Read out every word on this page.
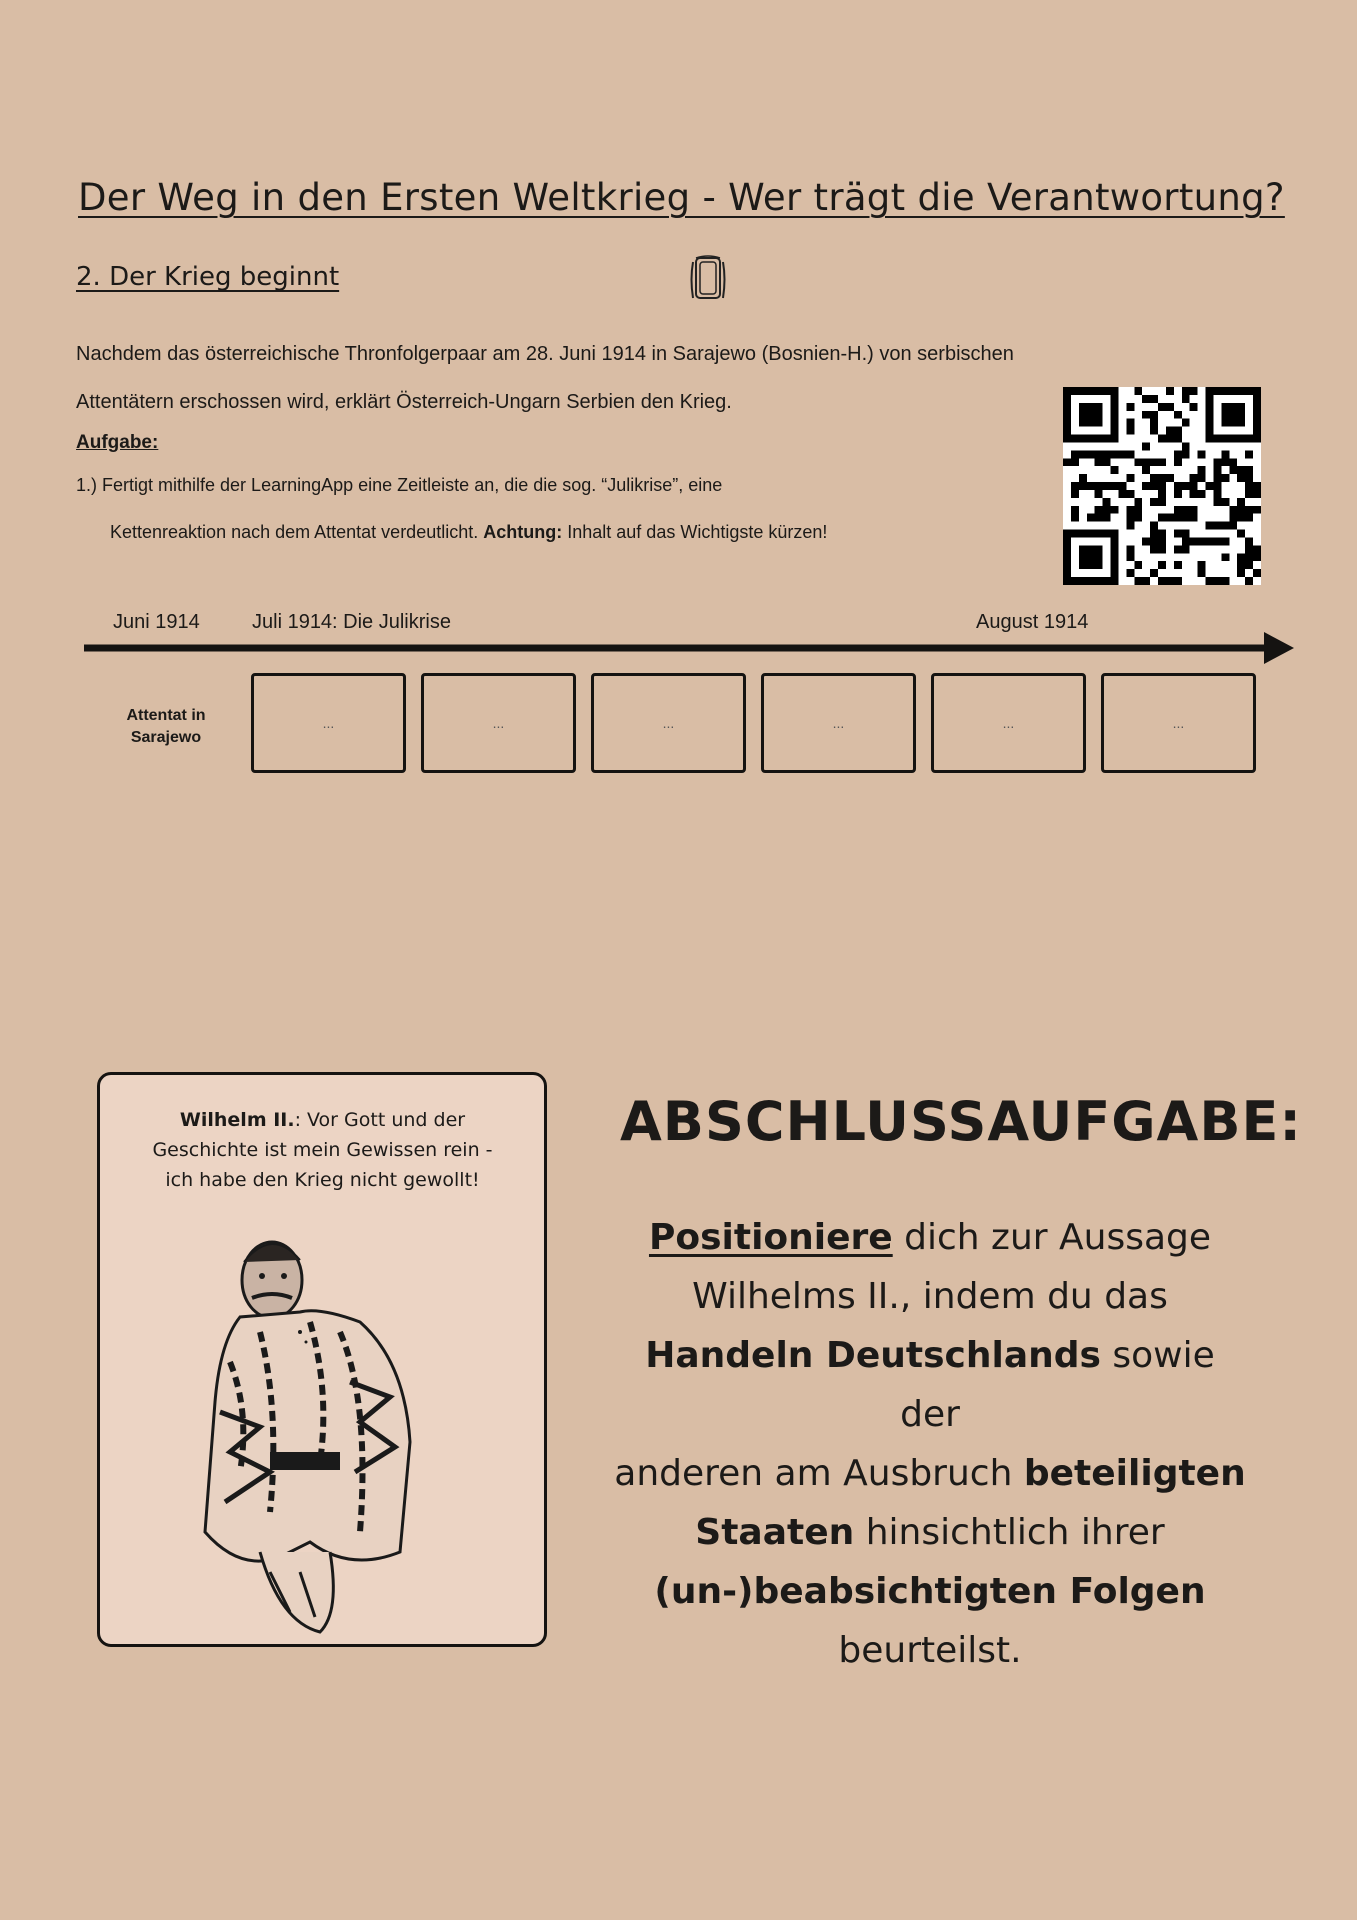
Der Weg in den Ersten Weltkrieg - Wer trägt die Verantwortung?
2. Der Krieg beginnt
Nachdem das österreichische Thronfolgerpaar am 28. Juni 1914 in Sarajewo (Bosnien-H.) von serbischen
Attentätern erschossen wird, erklärt Österreich-Ungarn Serbien den Krieg.
Aufgabe:
1.) Fertigt mithilfe der LearningApp eine Zeitleiste an, die die sog. “Julikrise”, eine
Kettenreaktion nach dem Attentat verdeutlicht. Achtung: Inhalt auf das Wichtigste kürzen!
Juni 1914	Juli 1914: Die Julikrise	August 1914
Attentat in
Sarajewo
...	...	...	...	...	...
Wilhelm II.: Vor Gott und der
Geschichte ist mein Gewissen rein -
ich habe den Krieg nicht gewollt!
ABSCHLUSSAUFGABE:
Positioniere dich zur Aussage
Wilhelms II., indem du das
Handeln Deutschlands sowie der
anderen am Ausbruch beteiligten
Staaten hinsichtlich ihrer
(un-)beabsichtigten Folgen
beurteilst.
